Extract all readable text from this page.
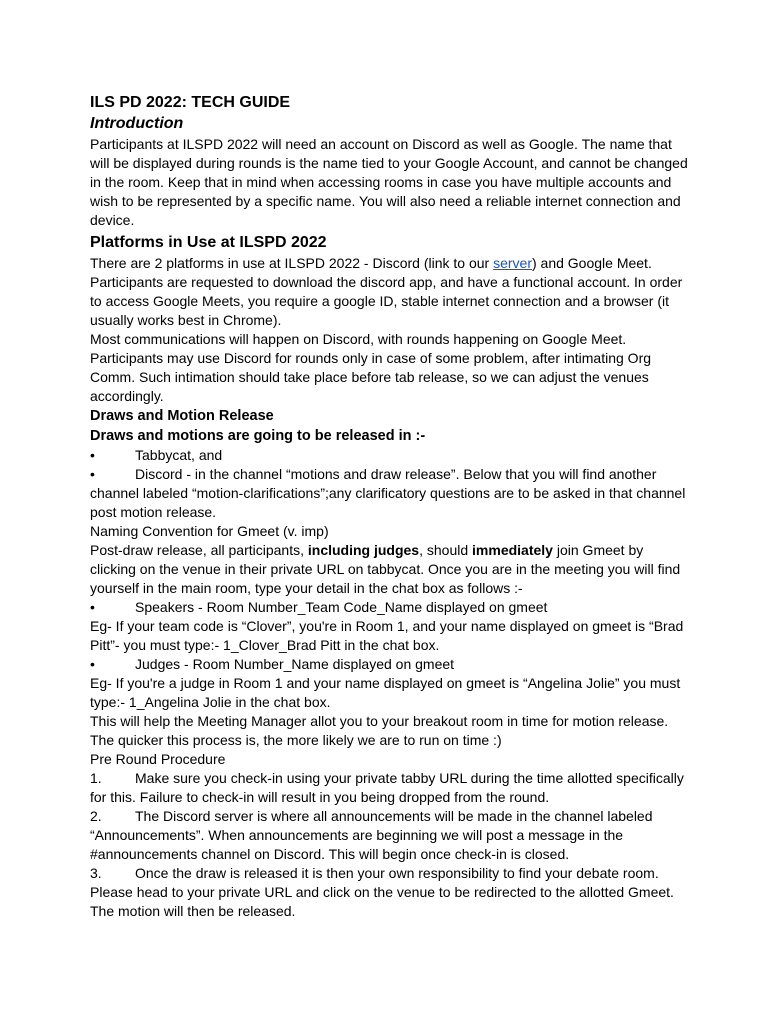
ILS PD 2022: TECH GUIDE
Introduction

Participants at ILSPD 2022 will need an account on Discord as well as Google. The name that will be displayed during rounds is the name tied to your Google Account, and cannot be changed in the room. Keep that in mind when accessing rooms in case you have multiple accounts and wish to be represented by a specific name. You will also need a reliable internet connection and device.

Platforms in Use at ILSPD 2022

There are 2 platforms in use at ILSPD 2022 - Discord (link to our server) and Google Meet. Participants are requested to download the discord app, and have a functional account. In order to access Google Meets, you require a google ID, stable internet connection and a browser (it usually works best in Chrome).

Most communications will happen on Discord, with rounds happening on Google Meet. Participants may use Discord for rounds only in case of some problem, after intimating Org Comm. Such intimation should take place before tab release, so we can adjust the venues accordingly.

Draws and Motion Release
Draws and motions are going to be released in :-

•	Tabbycat, and

•	Discord - in the channel “motions and draw release”. Below that you will find another channel labeled “motion-clarifications”;any clarificatory questions are to be asked in that channel post motion release.

Naming Convention for Gmeet (v. imp)

Post-draw release, all participants, including judges, should immediately join Gmeet by clicking on the venue in their private URL on tabbycat. Once you are in the meeting you will find yourself in the main room, type your detail in the chat box as follows :-

•	Speakers - Room Number_Team Code_Name displayed on gmeet

Eg- If your team code is “Clover”, you're in Room 1, and your name displayed on gmeet is “Brad Pitt”- you must type:- 1_Clover_Brad Pitt in the chat box.

•	Judges - Room Number_Name displayed on gmeet

Eg- If you're a judge in Room 1 and your name displayed on gmeet is “Angelina Jolie” you must type:- 1_Angelina Jolie in the chat box.

This will help the Meeting Manager allot you to your breakout room in time for motion release.

The quicker this process is, the more likely we are to run on time :)

Pre Round Procedure

1. Make sure you check-in using your private tabby URL during the time allotted specifically for this. Failure to check-in will result in you being dropped from the round.

2. The Discord server is where all announcements will be made in the channel labeled “Announcements”. When announcements are beginning we will post a message in the #announcements channel on Discord. This will begin once check-in is closed.

3. Once the draw is released it is then your own responsibility to find your debate room. Please head to your private URL and click on the venue to be redirected to the allotted Gmeet. The motion will then be released.
